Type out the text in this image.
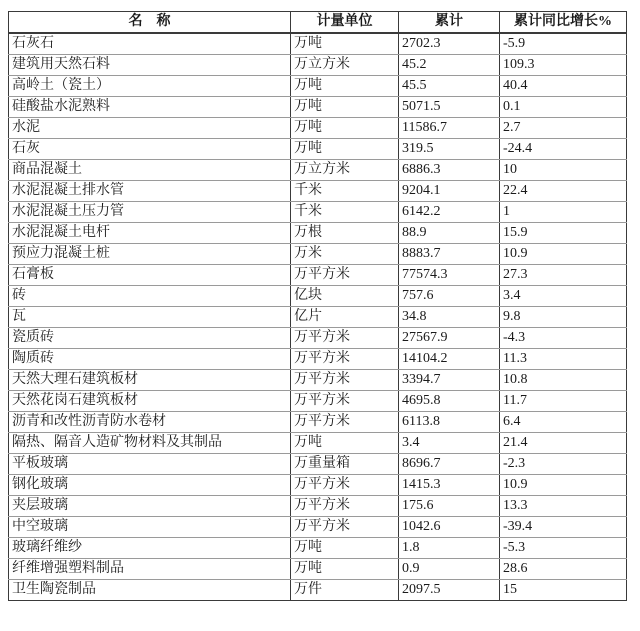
名　称	计量单位	累计	累计同比增长%
石灰石	万吨	2702.3	-5.9
建筑用天然石料	万立方米	45.2	109.3
高岭土（瓷土）	万吨	45.5	40.4
硅酸盐水泥熟料	万吨	5071.5	0.1
水泥	万吨	11586.7	2.7
石灰	万吨	319.5	-24.4
商品混凝土	万立方米	6886.3	10
水泥混凝土排水管	千米	9204.1	22.4
水泥混凝土压力管	千米	6142.2	1
水泥混凝土电杆	万根	88.9	15.9
预应力混凝土桩	万米	8883.7	10.9
石膏板	万平方米	77574.3	27.3
砖	亿块	757.6	3.4
瓦	亿片	34.8	9.8
瓷质砖	万平方米	27567.9	-4.3
陶质砖	万平方米	14104.2	11.3
天然大理石建筑板材	万平方米	3394.7	10.8
天然花岗石建筑板材	万平方米	4695.8	11.7
沥青和改性沥青防水卷材	万平方米	6113.8	6.4
隔热、隔音人造矿物材料及其制品	万吨	3.4	21.4
平板玻璃	万重量箱	8696.7	-2.3
钢化玻璃	万平方米	1415.3	10.9
夹层玻璃	万平方米	175.6	13.3
中空玻璃	万平方米	1042.6	-39.4
玻璃纤维纱	万吨	1.8	-5.3
纤维增强塑料制品	万吨	0.9	28.6
卫生陶瓷制品	万件	2097.5	15
